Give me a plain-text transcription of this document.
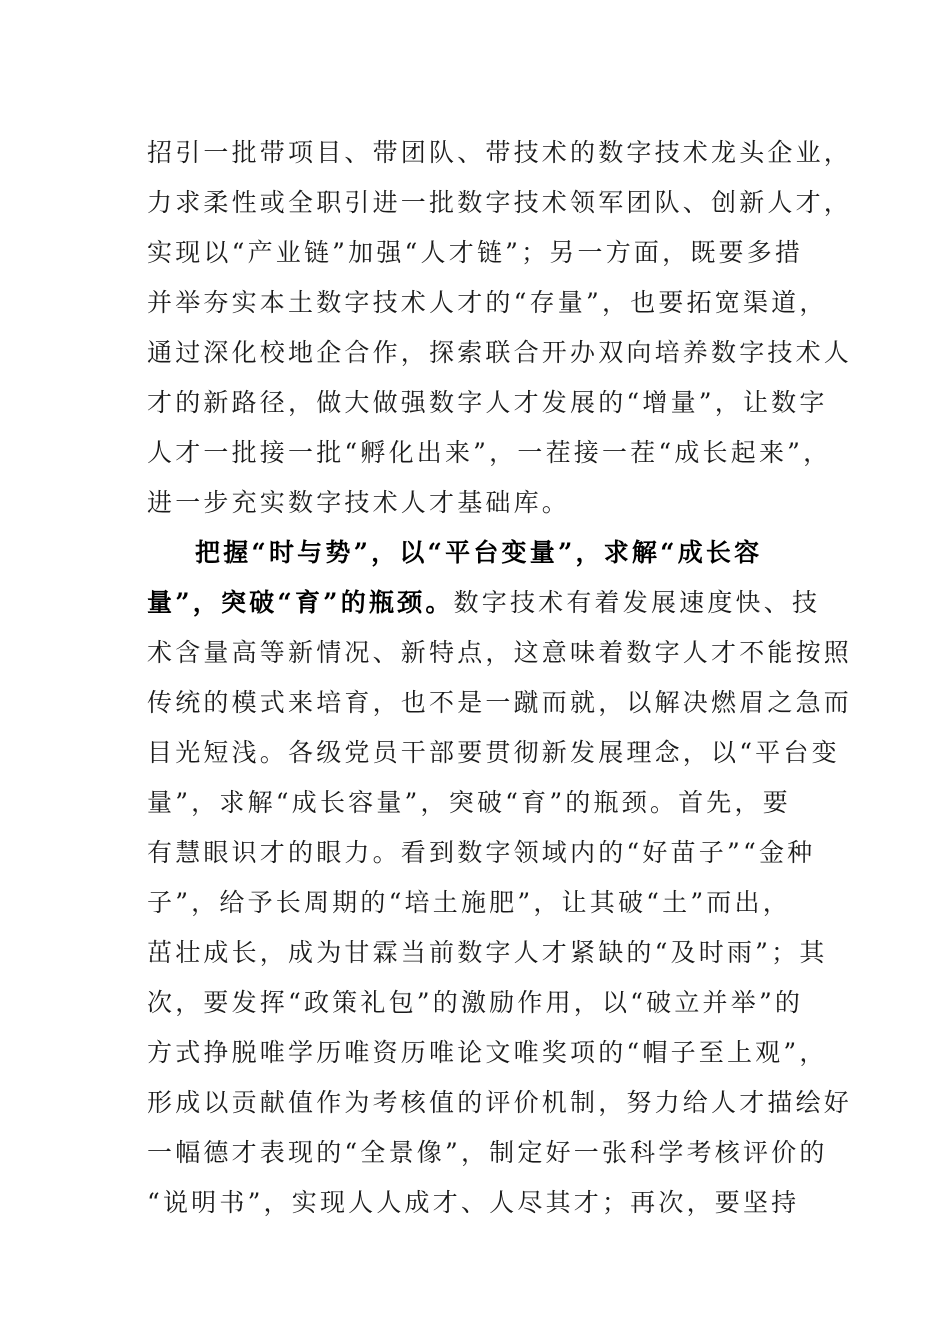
招引一批带项目、带团队、带技术的数字技术龙头企业，
力求柔性或全职引进一批数字技术领军团队、创新人才，
实现以“产业链”加强“人才链”；另一方面，既要多措
并举夯实本土数字技术人才的“存量”，也要拓宽渠道，
通过深化校地企合作，探索联合开办双向培养数字技术人
才的新路径，做大做强数字人才发展的“增量”，让数字
人才一批接一批“孵化出来”，一茬接一茬“成长起来”，
进一步充实数字技术人才基础库。
把握“时与势”，以“平台变量”，求解“成长容
量”，突破“育”的瓶颈。数字技术有着发展速度快、技
术含量高等新情况、新特点，这意味着数字人才不能按照
传统的模式来培育，也不是一蹴而就，以解决燃眉之急而
目光短浅。各级党员干部要贯彻新发展理念，以“平台变
量”，求解“成长容量”，突破“育”的瓶颈。首先，要
有慧眼识才的眼力。看到数字领域内的“好苗子”“金种
子”，给予长周期的“培土施肥”，让其破“土”而出，
茁壮成长，成为甘霖当前数字人才紧缺的“及时雨”；其
次，要发挥“政策礼包”的激励作用，以“破立并举”的
方式挣脱唯学历唯资历唯论文唯奖项的“帽子至上观”，
形成以贡献值作为考核值的评价机制，努力给人才描绘好
一幅德才表现的“全景像”，制定好一张科学考核评价的
“说明书”，实现人人成才、人尽其才；再次，要坚持
